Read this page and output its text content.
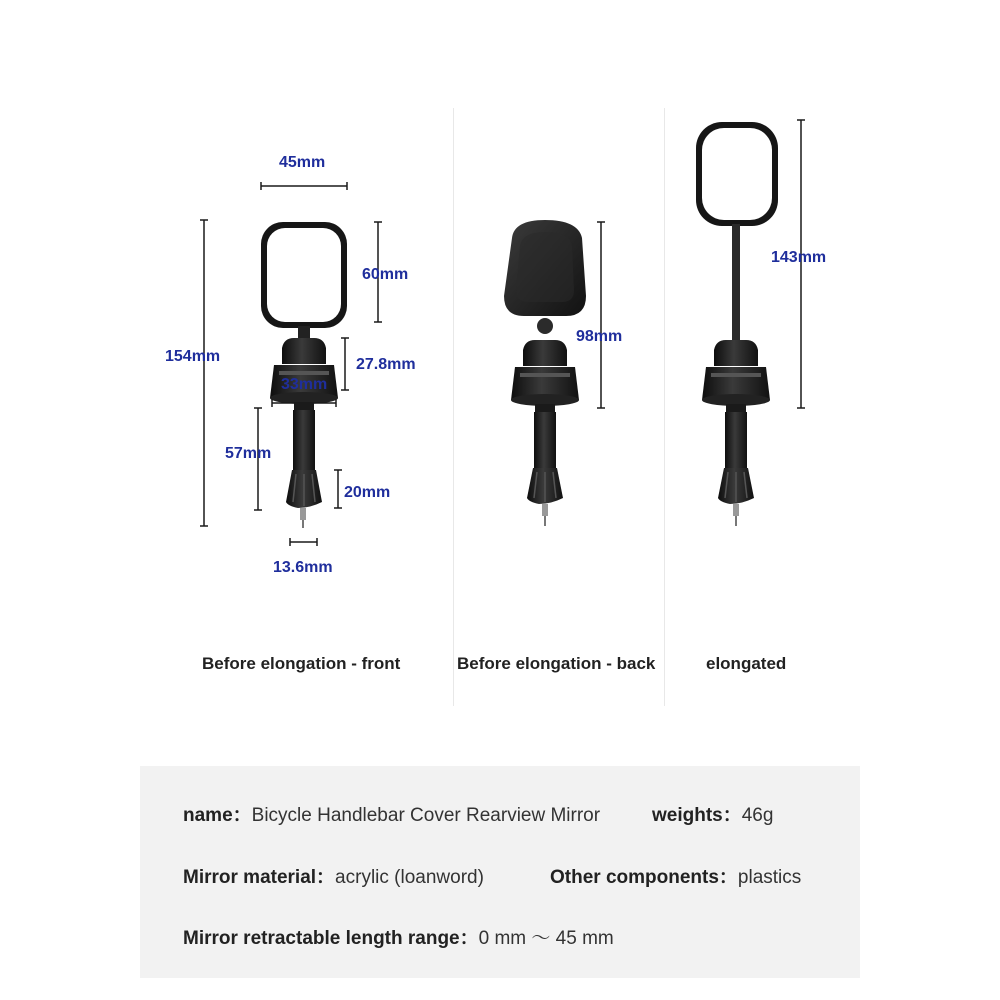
45mm
60mm
154mm	27.8mm
33mm
57mm
20mm
13.6mm
98mm
143mm
Before elongation - front	Before elongation - back	elongated
name：Bicycle Handlebar Cover Rearview Mirror	weights：46g
Mirror material：acrylic (loanword)	Other components：plastics
Mirror retractable length range：0 mm ～ 45 mm
